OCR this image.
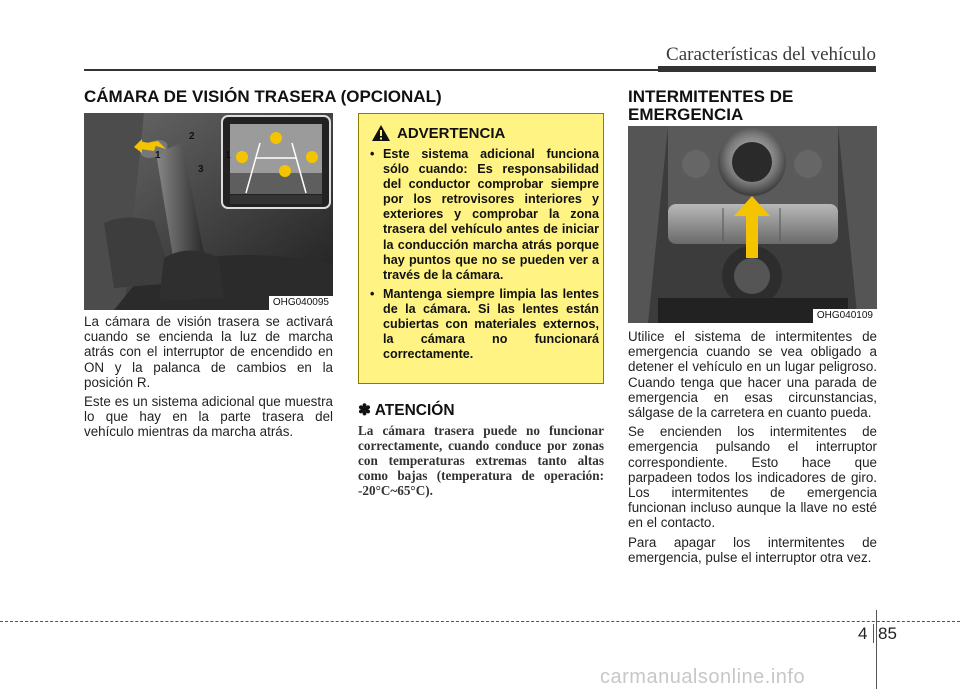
Características del vehículo
CÁMARA DE VISIÓN TRASERA (OPCIONAL)
1
2
1
3
OHG040095

La cámara de visión trasera se activará cuando se encienda la luz de marcha atrás con el interruptor de encendido en ON y la palanca de cambios en la posición R.

Este es un sistema adicional que muestra lo que hay en la parte trasera del vehículo mientras da marcha atrás.

ADVERTENCIA
• Este sistema adicional funciona sólo cuando: Es responsabilidad del conductor comprobar siempre por los retrovisores interiores y exteriores y comprobar la zona trasera del vehículo antes de iniciar la conducción marcha atrás porque hay puntos que no se pueden ver a través de la cámara.
• Mantenga siempre limpia las lentes de la cámara. Si las lentes están cubiertas con materiales externos, la cámara no funcionará correctamente.
✽ ATENCIÓN
La cámara trasera puede no funcionar correctamente, cuando conduce por zonas con temperaturas extremas tanto altas como bajas (temperatura de operación: -20°C~65°C).
INTERMITENTES DE
EMERGENCIA
OHG040109

Utilice el sistema de intermitentes de emergencia cuando se vea obligado a detener el vehículo en un lugar peligroso. Cuando tenga que hacer una parada de emergencia en esas circunstancias, sálgase de la carretera en cuanto pueda.

Se encienden los intermitentes de emergencia pulsando el interruptor correspondiente. Esto hace que parpadeen todos los indicadores de giro. Los intermitentes de emergencia funcionan incluso aunque la llave no esté en el contacto.

Para apagar los intermitentes de emergencia, pulse el interruptor otra vez.

4 85
carmanualsonline.info
